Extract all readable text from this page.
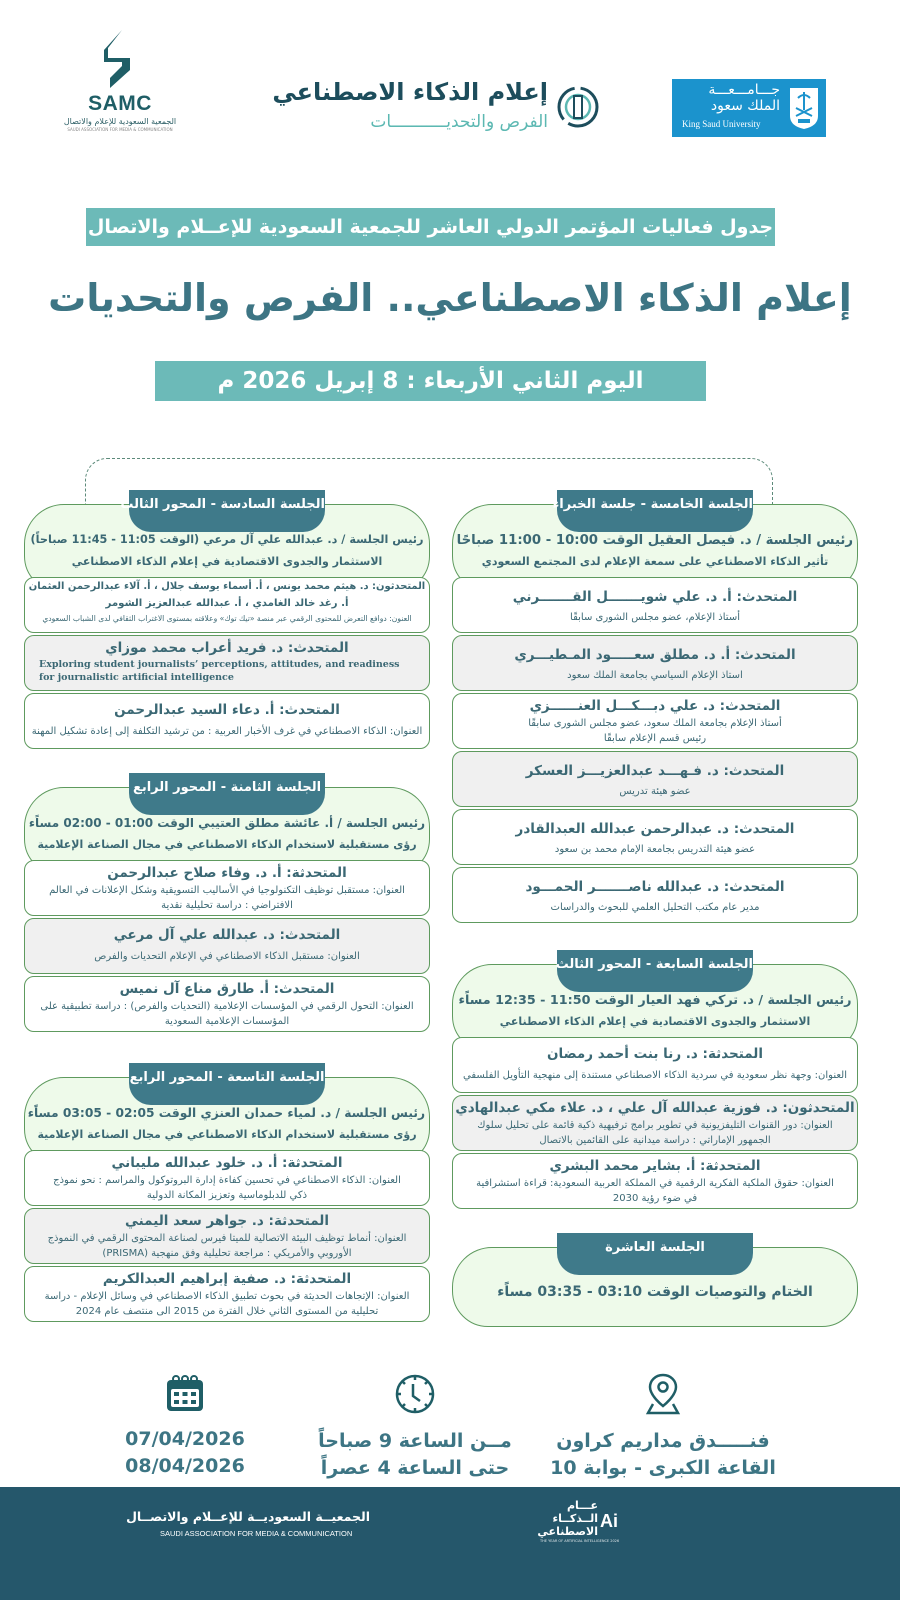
SAMC
الجمعية السعودية للإعلام والاتصال
SAUDI ASSOCIATION FOR MEDIA & COMMUNICATION
إعلام الذكاء الاصطناعي
الفرص والتحديـــــــــــات
جـــامـــعـــة
الملك سعود
King Saud University
جدول فعاليات المؤتمر الدولي العاشر للجمعية السعودية للإعــلام والاتصال
إعلام الذكاء الاصطناعي.. الفرص والتحديات
اليوم الثاني الأربعاء : 8 إبريل 2026 م
الجلسة الخامسة - جلسة الخبراء
رئيس الجلسة / د. فيصل العقيل الوقت 10:00 - 11:00 صباحًا
تأثير الذكاء الاصطناعي على سمعة الإعلام لدى المجتمع السعودي
المتحدث: أ. د. علي شويـــــــل القـــــــرني
أستاذ الإعلام، عضو مجلس الشورى سابقًا
المتحدث: أ. د. مطلق سعـــــود المـطيـــري
استاذ الإعلام السياسي بجامعة الملك سعود
المتحدث: د. علي دبـــكـــل العنــــــزي
أستاذ الإعلام بجامعة الملك سعود، عضو مجلس الشورى سابقًا
رئيس قسم الإعلام سابقًا
المتحدث: د. فـهـــد عبدالعزيـــز العسكر
عضو هيئة تدريس
المتحدث: د. عبدالرحمن عبدالله العبدالقادر
عضو هيئة التدريس بجامعة الإمام محمد بن سعود
المتحدث: د. عبدالله ناصـــــــر الحمـــود
مدير عام مكتب التحليل العلمي للبحوث والدراسات
الجلسة السابعة - المحور الثالث
رئيس الجلسة / د. تركي فهد العيار الوقت 11:50 - 12:35 مساًء
الاستثمار والجدوى الاقتصادية في إعلام الذكاء الاصطناعي
المتحدثة: د. رنا بنت أحمد رمضان
العنوان: وجهة نظر سعودية في سردية الذكاء الاصطناعي مستندة إلى منهجية التأويل الفلسفي
المتحدثون: د. فوزية عبدالله آل علي ، د. علاء مكي عبدالهادي
العنوان: دور القنوات التليفزيونية في تطوير برامج ترفيهية ذكية قائمة على تحليل سلوك
الجمهور الإماراتي : دراسة ميدانية على القائمين بالاتصال
المتحدثة: أ. بشاير محمد البشري
العنوان: حقوق الملكية الفكرية الرقمية في المملكة العربية السعودية: قراءة استشرافية
في ضوء رؤية 2030
الجلسة العاشرة
الختام والتوصيات الوقت 03:10 - 03:35 مساًء
الجلسة السادسة - المحور الثالث
رئيس الجلسة / د. عبدالله علي آل مرعي (الوقت 11:05 - 11:45 صباحاً)
الاستثمار والجدوى الاقتصادية في إعلام الذكاء الاصطناعي
المتحدثون: د. هيثم محمد يونس ، أ. أسماء يوسف جلال ، أ. آلاء عبدالرحمن العثمان
أ. رغد خالد الغامدي ، أ. عبدالله عبدالعزيز الشومر
العنون: دوافع التعرض للمحتوى الرقمي عبر منصة «تيك توك» وعلاقته بمستوى الاغتراب الثقافي لدى الشباب السعودي
المتحدث: د. فريد أعراب محمد موزاي
Exploring student journalists’ perceptions, attitudes, and readiness for journalistic artificial intelligence
المتحدث: أ. دعاء السيد عبدالرحمن
العنوان: الذكاء الاصطناعي في غرف الأخبار العربية : من ترشيد التكلفة إلى إعادة تشكيل المهنة
الجلسة الثامنة - المحور الرابع
رئيس الجلسة / أ. عائشة مطلق العتيبي الوقت 01:00 - 02:00 مساًء
رؤى مستقبلية لاستخدام الذكاء الاصطناعي في مجال الصناعة الإعلامية
المتحدثة: أ. د. وفاء صلاح عبدالرحمن
العنوان: مستقبل توظيف التكنولوجيا في الأساليب التسويقية وشكل الإعلانات في العالم
الافتراضي : دراسة تحليلية نقدية
المتحدث: د. عبدالله علي آل مرعي
العنوان: مستقبل الذكاء الاصطناعي في الإعلام التحديات والفرص
المتحدث: أ. طارق مناع آل نميس
العنوان: التحول الرقمي في المؤسسات الإعلامية (التحديات والفرص) : دراسة تطبيقية على
المؤسسات الإعلامية السعودية
الجلسة التاسعة - المحور الرابع
رئيس الجلسة / د. لمياء حمدان العنزي الوقت 02:05 - 03:05 مساًء
رؤى مستقبلية لاستخدام الذكاء الاصطناعي في مجال الصناعة الإعلامية
المتحدثة: أ. د. خلود عبدالله مليباني
العنوان: الذكاء الاصطناعي في تحسين كفاءة إدارة البروتوكول والمراسم : نحو نموذج
ذكي للدبلوماسية وتعزيز المكانة الدولية
المتحدثة: د. جواهر سعد اليمني
العنوان: أنماط توظيف البيئة الاتصالية للميتا فيرس لصناعة المحتوى الرقمي في النموذج
الأوروبي والأمريكي : مراجعة تحليلية وفق منهجية (PRISMA)
المتحدثة: د. صفية إبراهيم العبدالكريم
العنوان: الإتجاهات الحديثة في بحوث تطبيق الذكاء الاصطناعي في وسائل الإعلام - دراسة
تحليلية من المستوى الثاني خلال الفترة من 2015 الى منتصف عام 2024
فنـــــدق مداريم كراون
القاعة الكبرى - بوابة 10
مــن الساعة 9 صباحاً
حتى الساعة 4 عصراً
07/04/2026
08/04/2026
الجمعيــة السعوديــة للإعــلام والاتصــال
SAUDI ASSOCIATION FOR MEDIA & COMMUNICATION
عـــام الــذكــاء الاصطناعي
Ai
THE YEAR OF ARTIFICIAL INTELLIGENCE 2026
